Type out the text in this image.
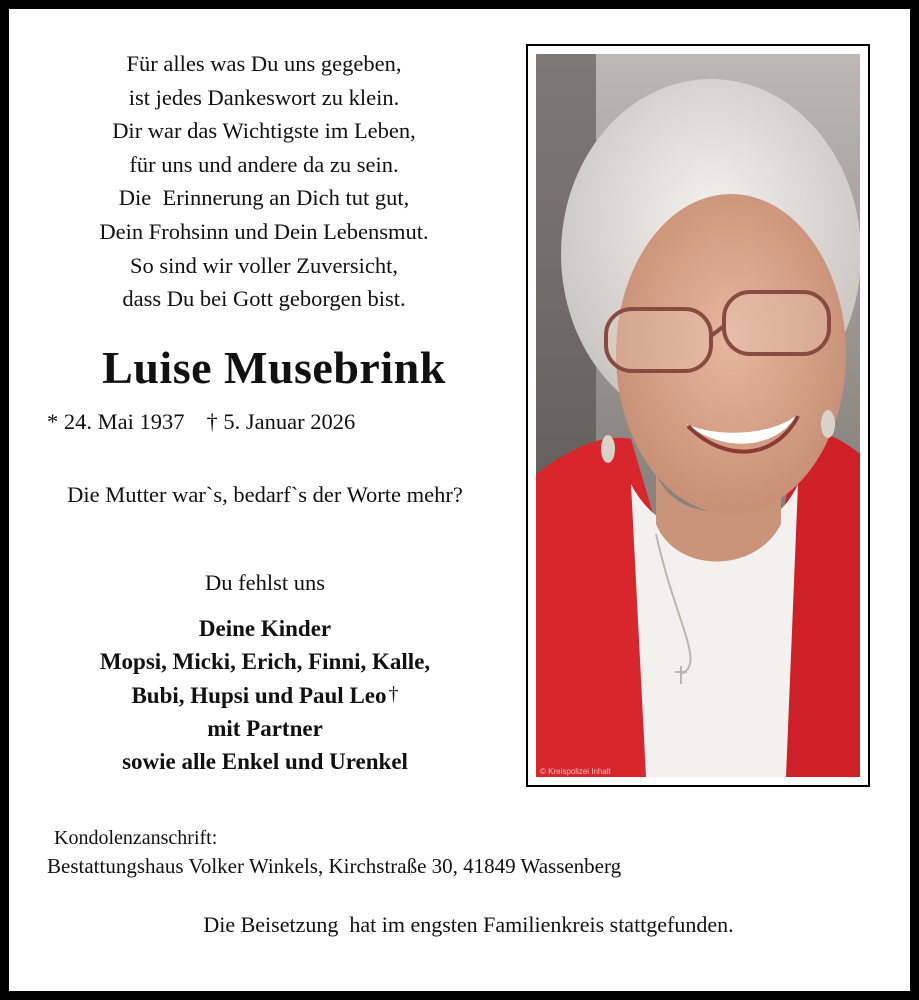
Für alles was Du uns gegeben,
ist jedes Dankeswort zu klein.
Dir war das Wichtigste im Leben,
für uns und andere da zu sein.
Die  Erinnerung an Dich tut gut,
Dein Frohsinn und Dein Lebensmut.
So sind wir voller Zuversicht,
dass Du bei Gott geborgen bist.
Luise Musebrink
* 24. Mai 1937 † 5. Januar 2026
Die Mutter war`s, bedarf`s der Worte mehr?
Du fehlst uns
Deine Kinder
Mopsi, Micki, Erich, Finni, Kalle,
Bubi, Hupsi und Paul Leo †
mit Partner
sowie alle Enkel und Urenkel	© Kreispolizei Inhalt
Kondolenzanschrift:
Bestattungshaus Volker Winkels, Kirchstraße 30, 41849 Wassenberg
Die Beisetzung  hat im engsten Familienkreis stattgefunden.
